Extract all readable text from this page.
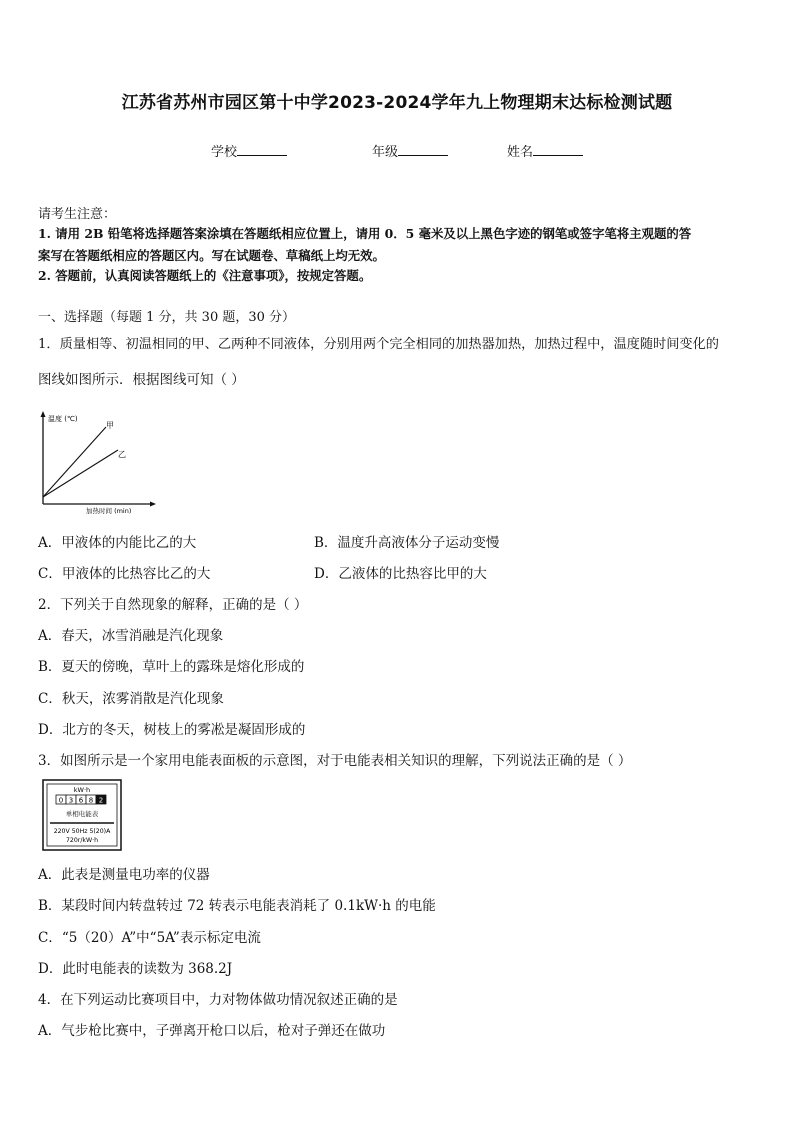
江苏省苏州市园区第十中学2023-2024学年九上物理期末达标检测试题
学校	年级	姓名
请考生注意：
1. 请用 2B 铅笔将选择题答案涂填在答题纸相应位置上，请用 0．5 毫米及以上黑色字迹的钢笔或签字笔将主观题的答
案写在答题纸相应的答题区内。写在试题卷、草稿纸上均无效。
2. 答题前，认真阅读答题纸上的《注意事项》，按规定答题。
一、选择题（每题 1 分，共 30 题，30 分）
1．质量相等、初温相同的甲、乙两种不同液体，分别用两个完全相同的加热器加热，加热过程中，温度随时间变化的
图线如图所示．根据图线可知（ ）
温度 (℃)
甲
乙
加热时间 (min)
A．甲液体的内能比乙的大	B．温度升高液体分子运动变慢
C．甲液体的比热容比乙的大	D．乙液体的比热容比甲的大
2．下列关于自然现象的解释，正确的是（ ）
A．春天，冰雪消融是汽化现象
B．夏天的傍晚，草叶上的露珠是熔化形成的
C．秋天，浓雾消散是汽化现象
D．北方的冬天，树枝上的雾凇是凝固形成的
3．如图所示是一个家用电能表面板的示意图，对于电能表相关知识的理解，下列说法正确的是（ ）
kW·h
0 3 6 8 2
单相电能表
220V 50Hz 5(20)A
720r/kW·h
A．此表是测量电功率的仪器
B．某段时间内转盘转过 72 转表示电能表消耗了 0.1kW·h 的电能
C．“5（20）A”中“5A”表示标定电流
D．此时电能表的读数为 368.2J
4．在下列运动比赛项目中，力对物体做功情况叙述正确的是
A．气步枪比赛中，子弹离开枪口以后，枪对子弹还在做功
